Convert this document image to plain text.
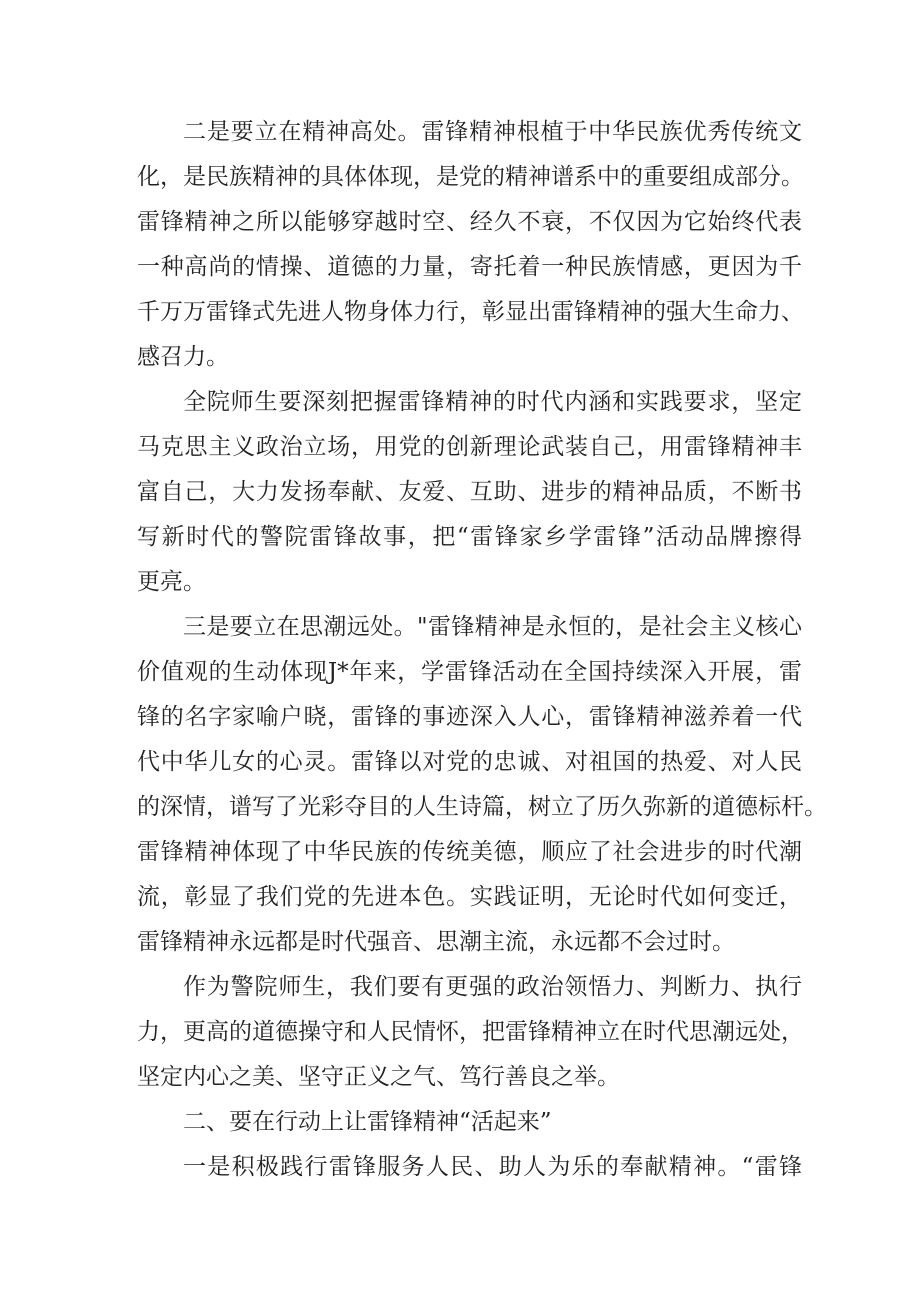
二是要立在精神高处。雷锋精神根植于中华民族优秀传统文
化，是民族精神的具体体现，是党的精神谱系中的重要组成部分。
雷锋精神之所以能够穿越时空、经久不衰，不仅因为它始终代表
一种高尚的情操、道德的力量，寄托着一种民族情感，更因为千
千万万雷锋式先进人物身体力行，彰显出雷锋精神的强大生命力、
感召力。
全院师生要深刻把握雷锋精神的时代内涵和实践要求，坚定
马克思主义政治立场，用党的创新理论武装自己，用雷锋精神丰
富自己，大力发扬奉献、友爱、互助、进步的精神品质，不断书
写新时代的警院雷锋故事，把“雷锋家乡学雷锋”活动品牌擦得
更亮。
三是要立在思潮远处。"雷锋精神是永恒的，是社会主义核心
价值观的生动体现J*年来，学雷锋活动在全国持续深入开展，雷
锋的名字家喻户晓，雷锋的事迹深入人心，雷锋精神滋养着一代
代中华儿女的心灵。雷锋以对党的忠诚、对祖国的热爱、对人民
的深情，谱写了光彩夺目的人生诗篇，树立了历久弥新的道德标杆。
雷锋精神体现了中华民族的传统美德，顺应了社会进步的时代潮
流，彰显了我们党的先进本色。实践证明，无论时代如何变迁，
雷锋精神永远都是时代强音、思潮主流，永远都不会过时。
作为警院师生，我们要有更强的政治领悟力、判断力、执行
力，更高的道德操守和人民情怀，把雷锋精神立在时代思潮远处，
坚定内心之美、坚守正义之气、笃行善良之举。
二、要在行动上让雷锋精神“活起来”
一是积极践行雷锋服务人民、助人为乐的奉献精神。“雷锋
